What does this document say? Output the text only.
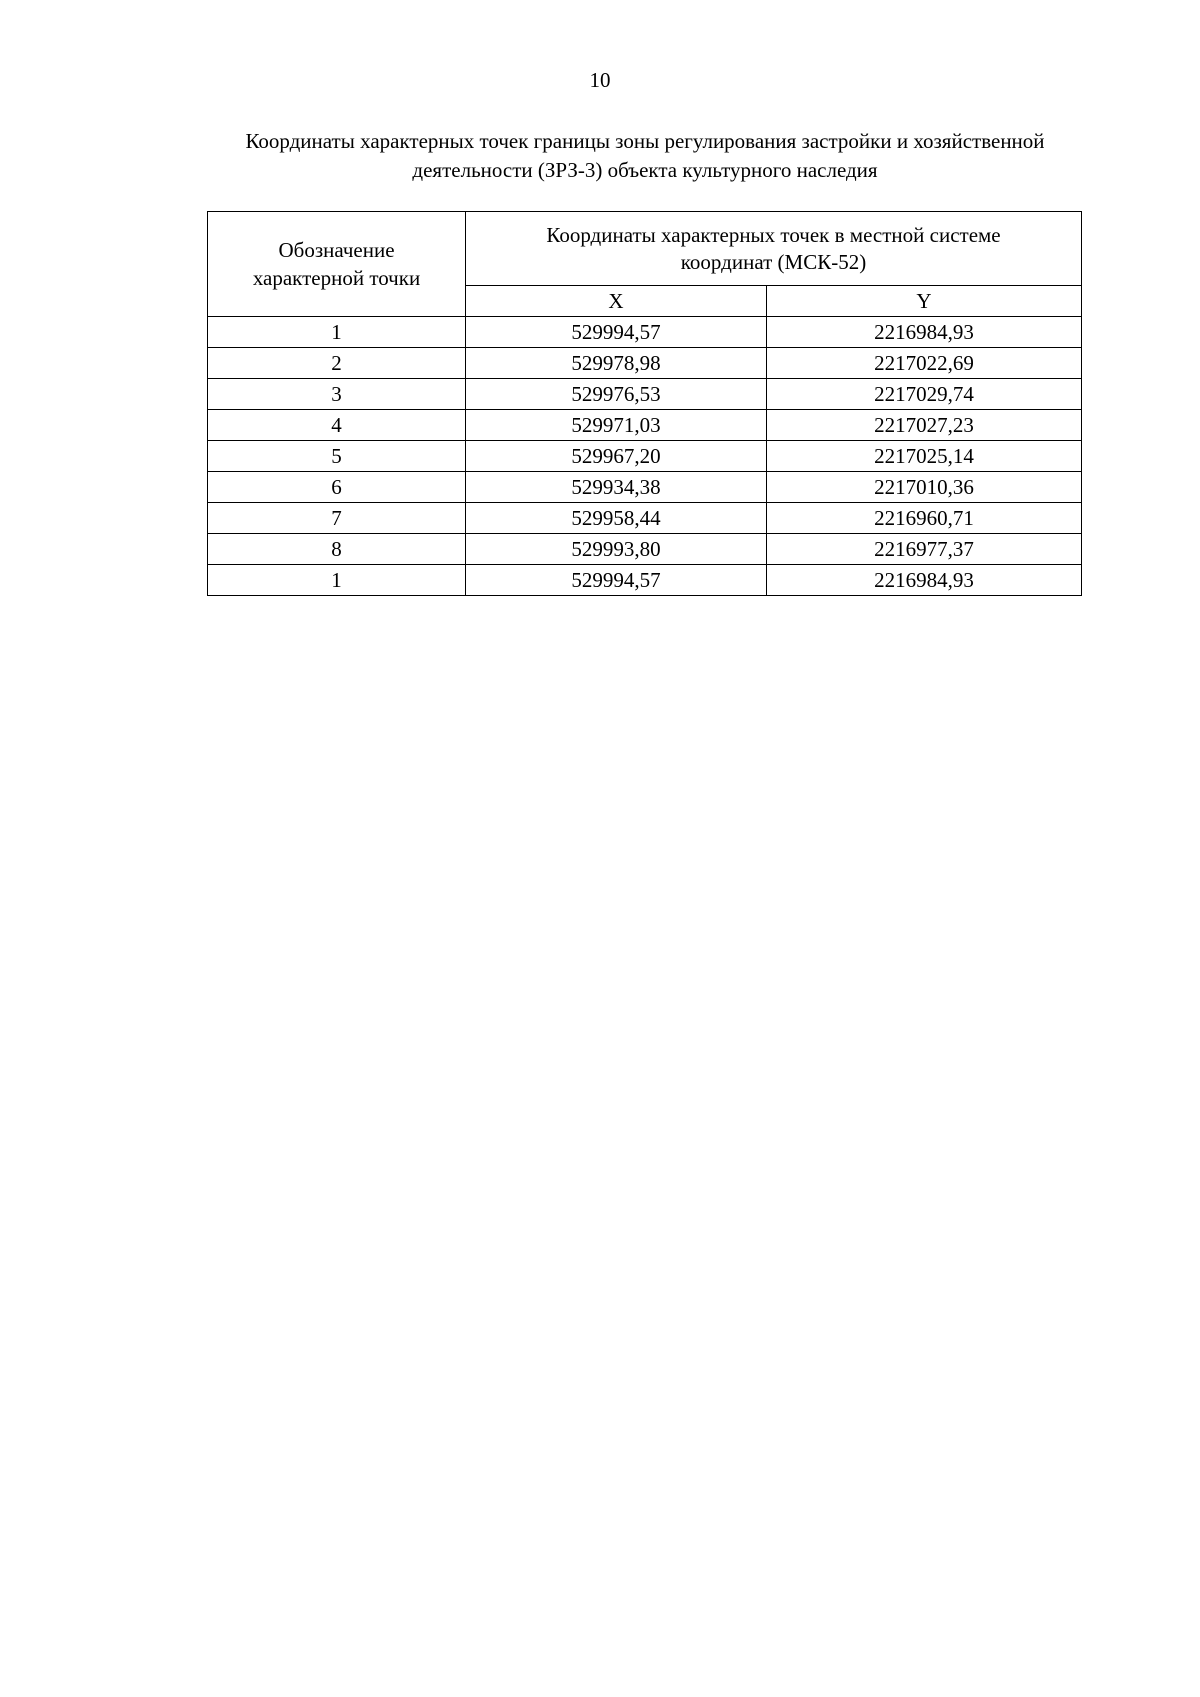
10
Координаты характерных точек границы зоны регулирования застройки и хозяйственной
деятельности (ЗРЗ-3) объекта культурного наследия
Обозначение
характерной точки	Координаты характерных точек в местной системе
координат (МСК-52)	

	X	Y
1	529994,57	2216984,93
2	529978,98	2217022,69
3	529976,53	2217029,74
4	529971,03	2217027,23
5	529967,20	2217025,14
6	529934,38	2217010,36
7	529958,44	2216960,71
8	529993,80	2216977,37
1	529994,57	2216984,93
